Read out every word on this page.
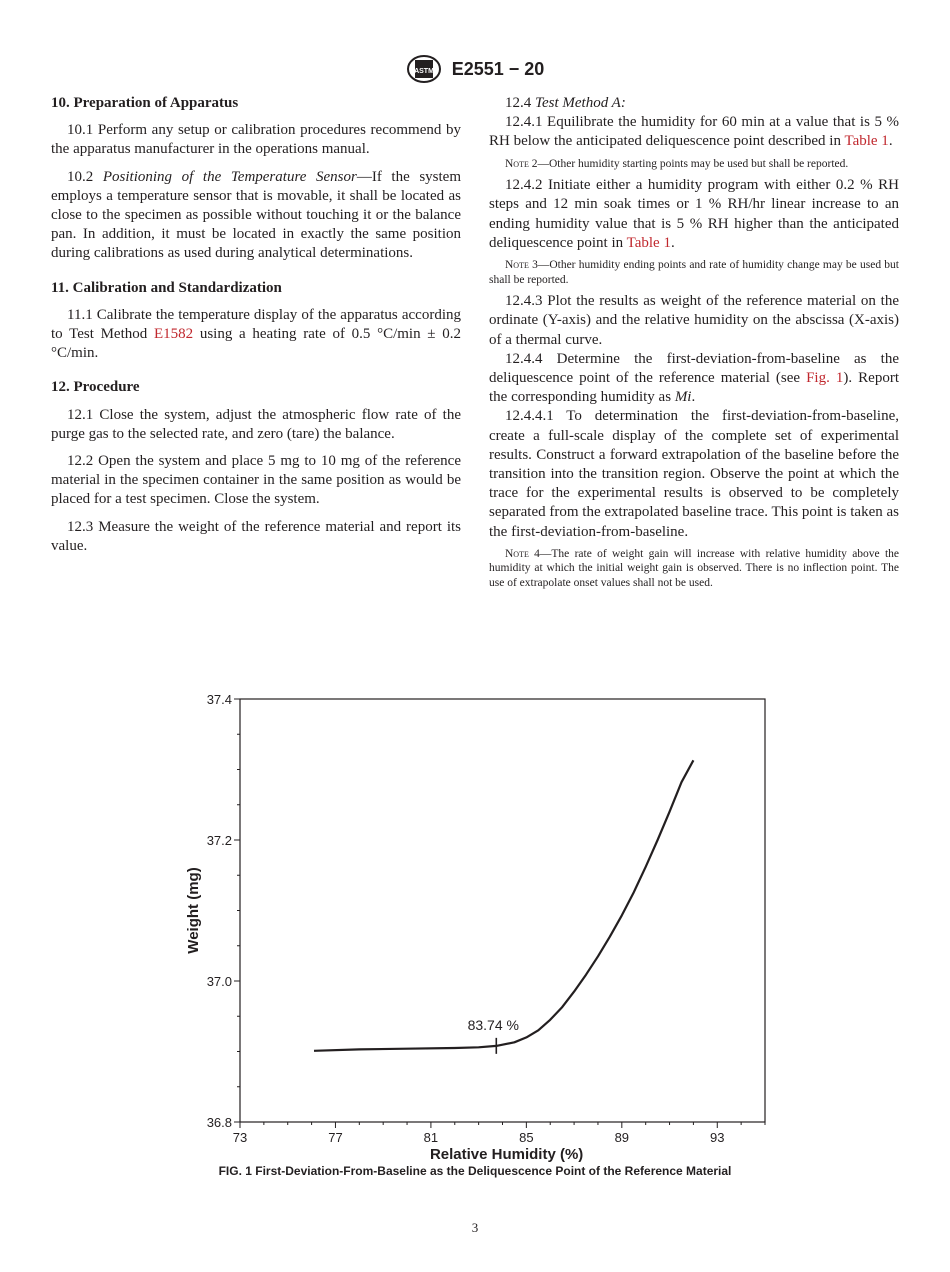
ASTM E2551 − 20
10. Preparation of Apparatus

10.1 Perform any setup or calibration procedures recommend by the apparatus manufacturer in the operations manual.

10.2 Positioning of the Temperature Sensor—If the system employs a temperature sensor that is movable, it shall be located as close to the specimen as possible without touching it or the balance pan. In addition, it must be located in exactly the same position during calibrations as used during analytical determinations.

11. Calibration and Standardization

11.1 Calibrate the temperature display of the apparatus according to Test Method E1582 using a heating rate of 0.5 °C/min ± 0.2 °C/min.

12. Procedure

12.1 Close the system, adjust the atmospheric flow rate of the purge gas to the selected rate, and zero (tare) the balance.

12.2 Open the system and place 5 mg to 10 mg of the reference material in the specimen container in the same position as would be placed for a test specimen. Close the system.

12.3 Measure the weight of the reference material and report its value.

12.4 Test Method A:

12.4.1 Equilibrate the humidity for 60 min at a value that is 5 % RH below the anticipated deliquescence point described in Table 1.

Note 2—Other humidity starting points may be used but shall be reported.

12.4.2 Initiate either a humidity program with either 0.2 % RH steps and 12 min soak times or 1 % RH/hr linear increase to an ending humidity value that is 5 % RH higher than the anticipated deliquescence point in Table 1.

Note 3—Other humidity ending points and rate of humidity change may be used but shall be reported.

12.4.3 Plot the results as weight of the reference material on the ordinate (Y-axis) and the relative humidity on the abscissa (X-axis) of a thermal curve.

12.4.4 Determine the first-deviation-from-baseline as the deliquescence point of the reference material (see Fig. 1). Report the corresponding humidity as Mi.

12.4.4.1 To determination the first-deviation-from-baseline, create a full-scale display of the complete set of experimental results. Construct a forward extrapolation of the baseline before the transition into the transition region. Observe the point at which the trace for the experimental results is observed to be completely separated from the extrapolated baseline trace. This point is taken as the first-deviation-from-baseline.

Note 4—The rate of weight gain will increase with relative humidity above the humidity at which the initial weight gain is observed. There is no inflection point. The use of extrapolate onset values shall not be used.

73	77	81	85	89	93
36.8
37.0
37.2
37.4
Relative Humidity (%)
Weight (mg)
83.74 %
FIG. 1 First-Deviation-From-Baseline as the Deliquescence Point of the Reference Material
3
